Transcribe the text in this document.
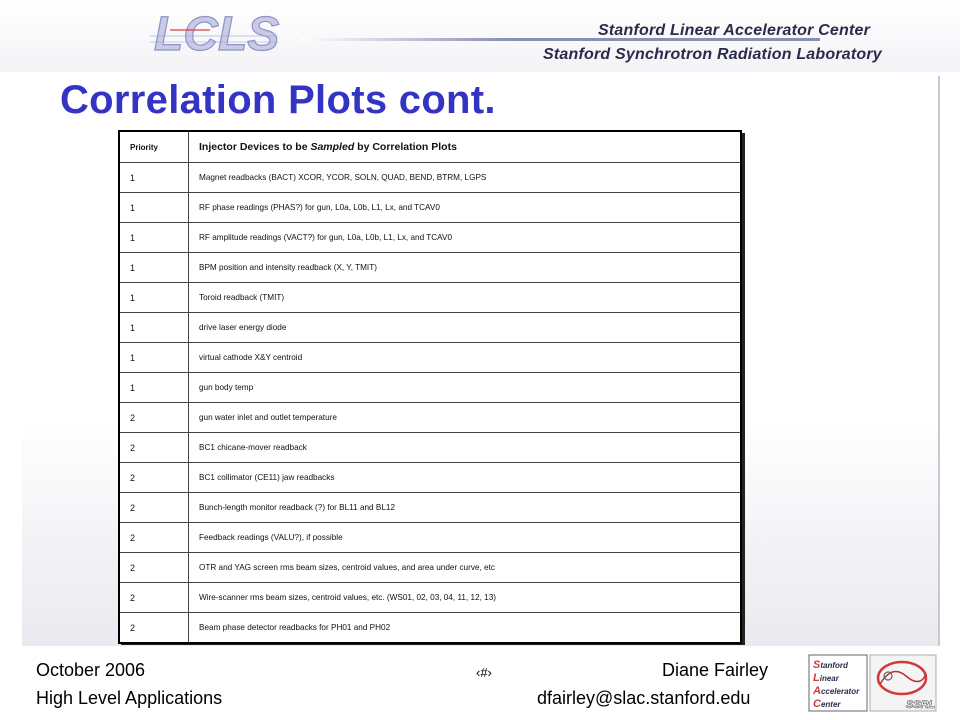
LCLS	Stanford Linear Accelerator Center
Stanford Synchrotron Radiation Laboratory
Correlation Plots cont.
Priority	Injector Devices to be Sampled by Correlation Plots
1	Magnet readbacks (BACT) XCOR, YCOR, SOLN, QUAD, BEND, BTRM, LGPS
1	RF phase readings (PHAS?) for gun, L0a, L0b, L1, Lx, and TCAV0
1	RF amplitude readings (VACT?) for gun, L0a, L0b, L1, Lx, and TCAV0
1	BPM position and intensity readback (X, Y, TMIT)
1	Toroid readback (TMIT)
1	drive laser energy diode
1	virtual cathode X&Y centroid
1	gun body temp
2	gun water inlet and outlet temperature
2	BC1 chicane-mover readback
2	BC1 collimator (CE11) jaw readbacks
2	Bunch-length monitor readback (?) for BL11 and BL12
2	Feedback readings (VALU?), if possible
2	OTR and YAG screen rms beam sizes, centroid values, and area under curve, etc
2	Wire-scanner rms beam sizes, centroid values, etc. (WS01, 02, 03, 04, 11, 12, 13)
2	Beam phase detector readbacks for PH01 and PH02
October 2006
High Level Applications
‹#›	Diane Fairley
dfairley@slac.stanford.edu
Stanford
Linear
Accelerator
Center	SSRL
